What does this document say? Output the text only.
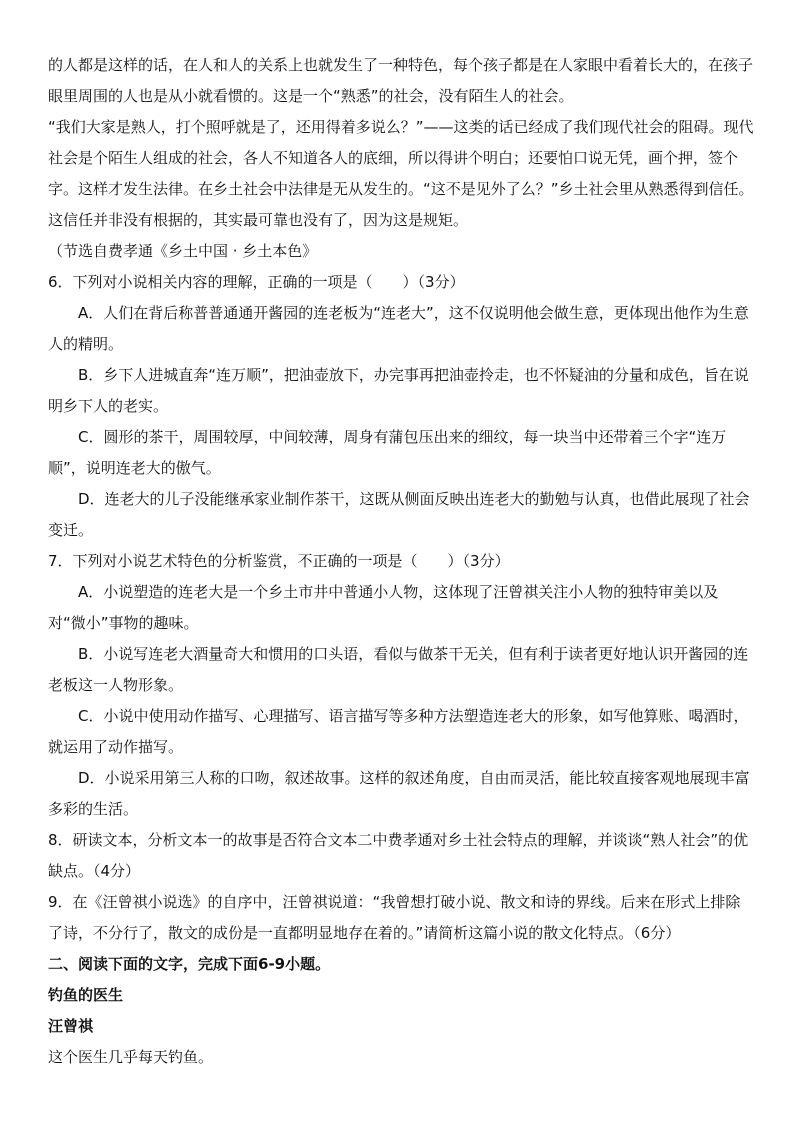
的人都是这样的话，在人和人的关系上也就发生了一种特色，每个孩子都是在人家眼中看着长大的，在孩子眼里周围的人也是从小就看惯的。这是一个“熟悉”的社会，没有陌生人的社会。

“我们大家是熟人，打个照呼就是了，还用得着多说么？”——这类的话已经成了我们现代社会的阻碍。现代社会是个陌生人组成的社会，各人不知道各人的底细，所以得讲个明白；还要怕口说无凭，画个押，签个字。这样才发生法律。在乡土社会中法律是无从发生的。“这不是见外了么？”乡土社会里从熟悉得到信任。这信任并非没有根据的，其实最可靠也没有了，因为这是规矩。

（节选自费孝通《乡土中国 · 乡土本色》

6．下列对小说相关内容的理解，正确的一项是（　　）（3分）

A．人们在背后称普普通通开酱园的连老板为“连老大”，这不仅说明他会做生意，更体现出他作为生意人的精明。

B．乡下人进城直奔“连万顺”，把油壶放下，办完事再把油壶拎走，也不怀疑油的分量和成色，旨在说明乡下人的老实。

C．圆形的茶干，周围较厚，中间较薄，周身有蒲包压出来的细纹，每一块当中还带着三个字“连万顺”，说明连老大的傲气。

D．连老大的儿子没能继承家业制作茶干，这既从侧面反映出连老大的勤勉与认真，也借此展现了社会变迁。

7．下列对小说艺术特色的分析鉴赏，不正确的一项是（　　）（3分）

A．小说塑造的连老大是一个乡土市井中普通小人物，这体现了汪曾祺关注小人物的独特审美以及对“微小”事物的趣味。

B．小说写连老大酒量奇大和惯用的口头语，看似与做茶干无关，但有利于读者更好地认识开酱园的连老板这一人物形象。

C．小说中使用动作描写、心理描写、语言描写等多种方法塑造连老大的形象，如写他算账、喝酒时，就运用了动作描写。

D．小说采用第三人称的口吻，叙述故事。这样的叙述角度，自由而灵活，能比较直接客观地展现丰富多彩的生活。

8．研读文本，分析文本一的故事是否符合文本二中费孝通对乡土社会特点的理解，并谈谈“熟人社会”的优缺点。（4分）

9．在《汪曾祺小说选》的自序中，汪曾祺说道：“我曾想打破小说、散文和诗的界线。后来在形式上排除了诗，不分行了，散文的成份是一直都明显地存在着的。”请简析这篇小说的散文化特点。（6分）

二、阅读下面的文字，完成下面6-9小题。

钓鱼的医生

汪曾祺

这个医生几乎每天钓鱼。
